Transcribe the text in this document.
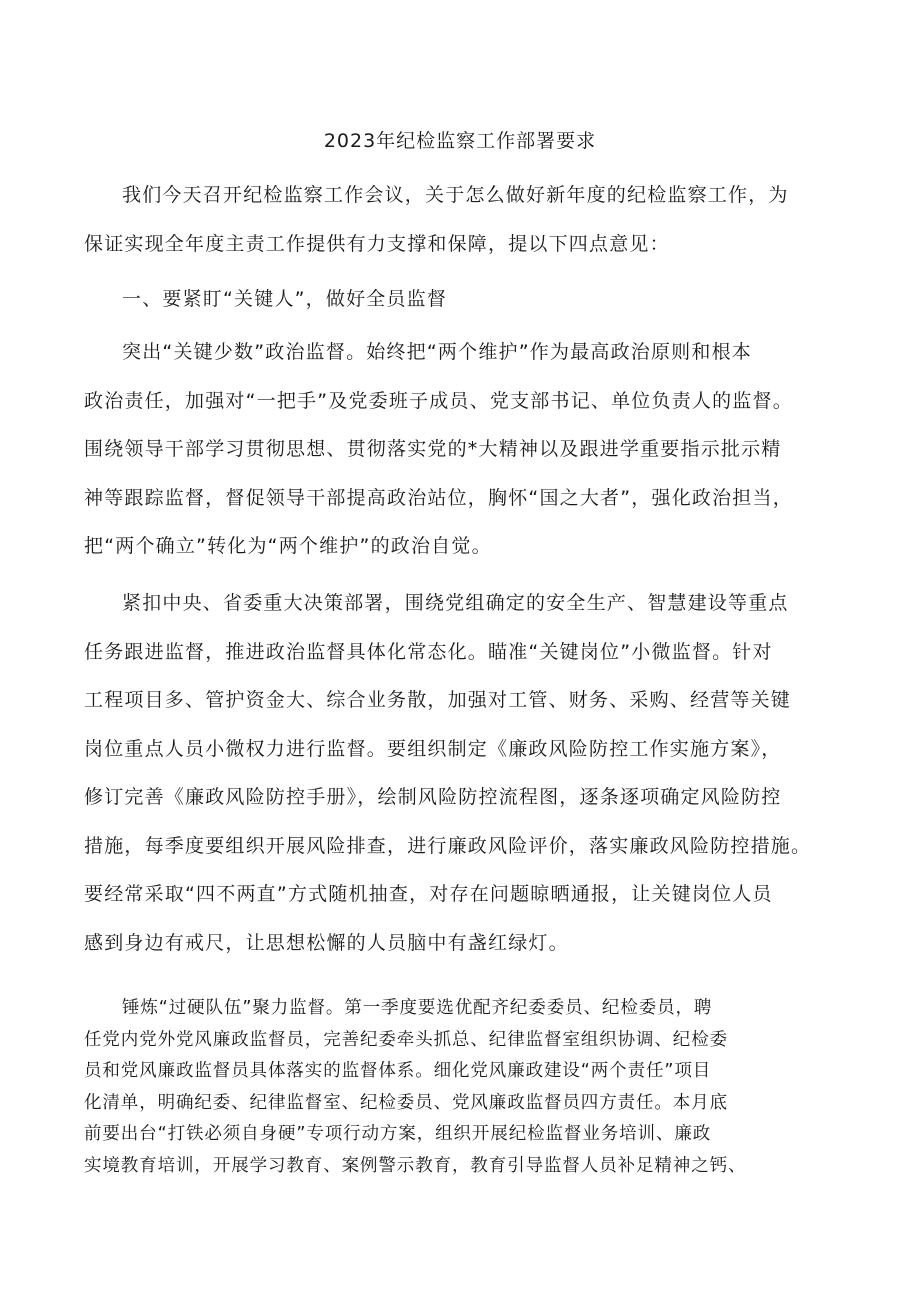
2023年纪检监察工作部署要求

我们今天召开纪检监察工作会议，关于怎么做好新年度的纪检监察工作，为
保证实现全年度主责工作提供有力支撑和保障，提以下四点意见：

一、要紧盯“关键人”，做好全员监督

突出“关键少数”政治监督。始终把“两个维护”作为最高政治原则和根本
政治责任，加强对“一把手”及党委班子成员、党支部书记、单位负责人的监督。
围绕领导干部学习贯彻思想、贯彻落实党的*大精神以及跟进学重要指示批示精
神等跟踪监督，督促领导干部提高政治站位，胸怀“国之大者”，强化政治担当，
把“两个确立”转化为“两个维护”的政治自觉。

紧扣中央、省委重大决策部署，围绕党组确定的安全生产、智慧建设等重点
任务跟进监督，推进政治监督具体化常态化。瞄准“关键岗位”小微监督。针对
工程项目多、管护资金大、综合业务散，加强对工管、财务、采购、经营等关键
岗位重点人员小微权力进行监督。要组织制定《廉政风险防控工作实施方案》，
修订完善《廉政风险防控手册》，绘制风险防控流程图，逐条逐项确定风险防控
措施，每季度要组织开展风险排查，进行廉政风险评价，落实廉政风险防控措施。
要经常采取“四不两直”方式随机抽查，对存在问题晾晒通报，让关键岗位人员
感到身边有戒尺，让思想松懈的人员脑中有盏红绿灯。

锤炼“过硬队伍”聚力监督。第一季度要选优配齐纪委委员、纪检委员，聘
任党内党外党风廉政监督员，完善纪委牵头抓总、纪律监督室组织协调、纪检委
员和党风廉政监督员具体落实的监督体系。细化党风廉政建设“两个责任”项目
化清单，明确纪委、纪律监督室、纪检委员、党风廉政监督员四方责任。本月底
前要出台“打铁必须自身硬”专项行动方案，组织开展纪检监督业务培训、廉政
实境教育培训，开展学习教育、案例警示教育，教育引导监督人员补足精神之钙、
